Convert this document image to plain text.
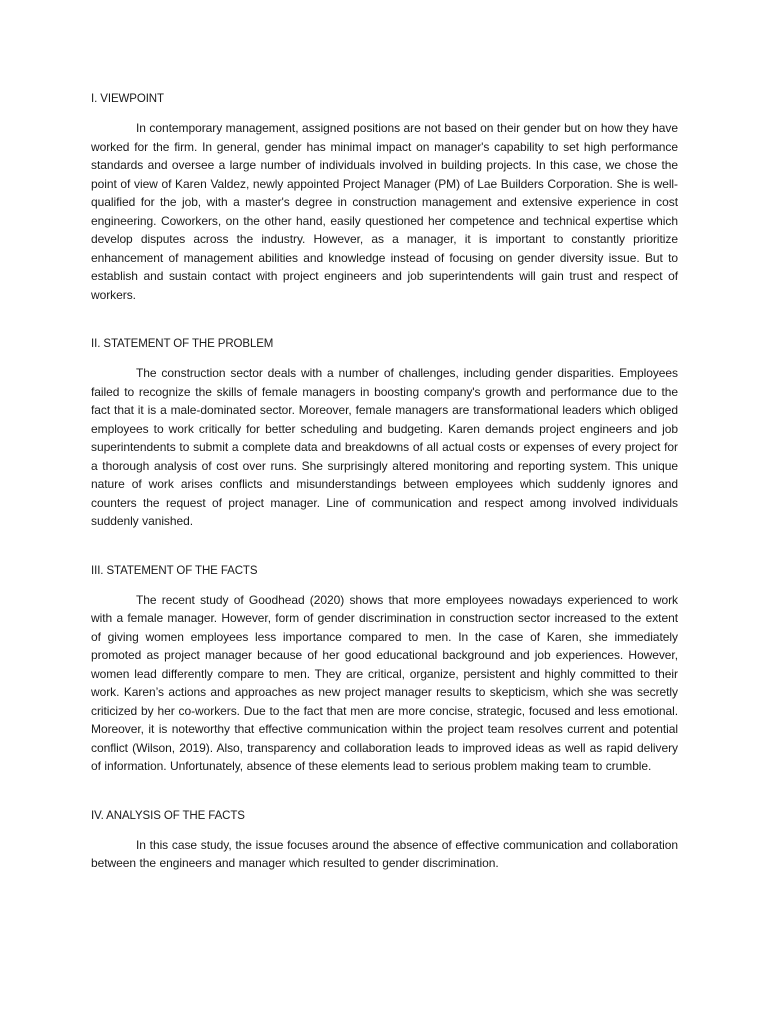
I. VIEWPOINT

In contemporary management, assigned positions are not based on their gender but on how they have worked for the firm. In general, gender has minimal impact on manager's capability to set high performance standards and oversee a large number of individuals involved in building projects. In this case, we chose the point of view of Karen Valdez, newly appointed Project Manager (PM) of Lae Builders Corporation. She is well-qualified for the job, with a master's degree in construction management and extensive experience in cost engineering. Coworkers, on the other hand, easily questioned her competence and technical expertise which develop disputes across the industry. However, as a manager, it is important to constantly prioritize enhancement of management abilities and knowledge instead of focusing on gender diversity issue. But to establish and sustain contact with project engineers and job superintendents will gain trust and respect of workers.

II. STATEMENT OF THE PROBLEM

The construction sector deals with a number of challenges, including gender disparities. Employees failed to recognize the skills of female managers in boosting company's growth and performance due to the fact that it is a male-dominated sector. Moreover, female managers are transformational leaders which obliged employees to work critically for better scheduling and budgeting. Karen demands project engineers and job superintendents to submit a complete data and breakdowns of all actual costs or expenses of every project for a thorough analysis of cost over runs. She surprisingly altered monitoring and reporting system. This unique nature of work arises conflicts and misunderstandings between employees which suddenly ignores and counters the request of project manager. Line of communication and respect among involved individuals suddenly vanished.

III. STATEMENT OF THE FACTS

The recent study of Goodhead (2020) shows that more employees nowadays experienced to work with a female manager. However, form of gender discrimination in construction sector increased to the extent of giving women employees less importance compared to men. In the case of Karen, she immediately promoted as project manager because of her good educational background and job experiences. However, women lead differently compare to men. They are critical, organize, persistent and highly committed to their work. Karen’s actions and approaches as new project manager results to skepticism, which she was secretly criticized by her co-workers. Due to the fact that men are more concise, strategic, focused and less emotional. Moreover, it is noteworthy that effective communication within the project team resolves current and potential conflict (Wilson, 2019). Also, transparency and collaboration leads to improved ideas as well as rapid delivery of information. Unfortunately, absence of these elements lead to serious problem making team to crumble.

IV. ANALYSIS OF THE FACTS

In this case study, the issue focuses around the absence of effective communication and collaboration between the engineers and manager which resulted to gender discrimination.
